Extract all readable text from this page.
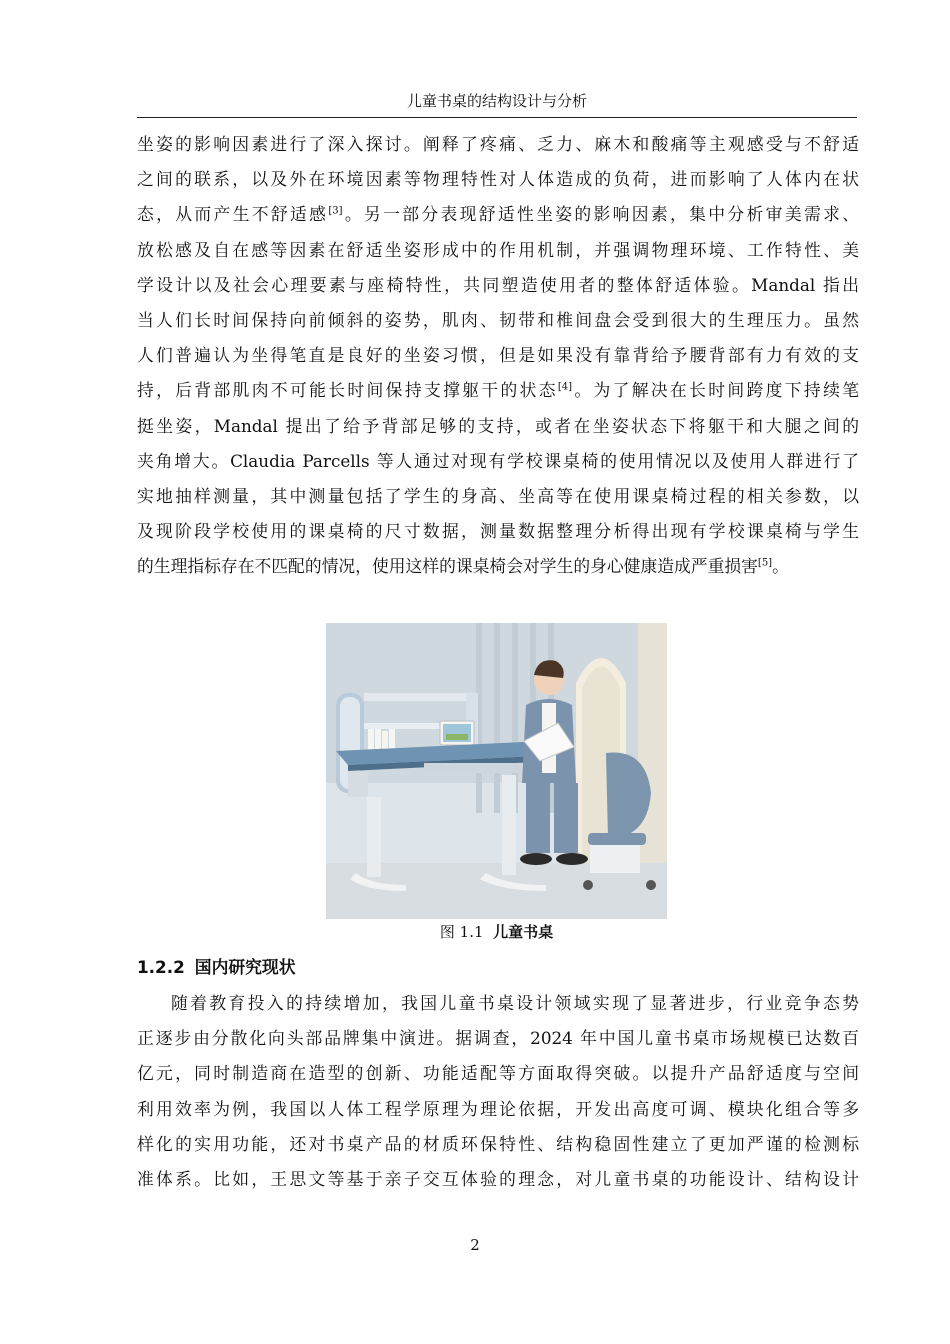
儿童书桌的结构设计与分析
坐姿的影响因素进行了深入探讨。阐释了疼痛、乏力、麻木和酸痛等主观感受与不舒适
之间的联系，以及外在环境因素等物理特性对人体造成的负荷，进而影响了人体内在状
态，从而产生不舒适感[3]。另一部分表现舒适性坐姿的影响因素，集中分析审美需求、
放松感及自在感等因素在舒适坐姿形成中的作用机制，并强调物理环境、工作特性、美
学设计以及社会心理要素与座椅特性，共同塑造使用者的整体舒适体验。Mandal 指出
当人们长时间保持向前倾斜的姿势，肌肉、韧带和椎间盘会受到很大的生理压力。虽然
人们普遍认为坐得笔直是良好的坐姿习惯，但是如果没有靠背给予腰背部有力有效的支
持，后背部肌肉不可能长时间保持支撑躯干的状态[4]。为了解决在长时间跨度下持续笔
挺坐姿，Mandal 提出了给予背部足够的支持，或者在坐姿状态下将躯干和大腿之间的
夹角增大。Claudia Parcells 等人通过对现有学校课桌椅的使用情况以及使用人群进行了
实地抽样测量，其中测量包括了学生的身高、坐高等在使用课桌椅过程的相关参数，以
及现阶段学校使用的课桌椅的尺寸数据，测量数据整理分析得出现有学校课桌椅与学生
的生理指标存在不匹配的情况，使用这样的课桌椅会对学生的身心健康造成严重损害[5]。
图 1.1 儿童书桌
1.2.2 国内研究现状
随着教育投入的持续增加，我国儿童书桌设计领域实现了显著进步，行业竞争态势
正逐步由分散化向头部品牌集中演进。据调查，2024 年中国儿童书桌市场规模已达数百
亿元，同时制造商在造型的创新、功能适配等方面取得突破。以提升产品舒适度与空间
利用效率为例，我国以人体工程学原理为理论依据，开发出高度可调、模块化组合等多
样化的实用功能，还对书桌产品的材质环保特性、结构稳固性建立了更加严谨的检测标
准体系。比如，王思文等基于亲子交互体验的理念，对儿童书桌的功能设计、结构设计
2
